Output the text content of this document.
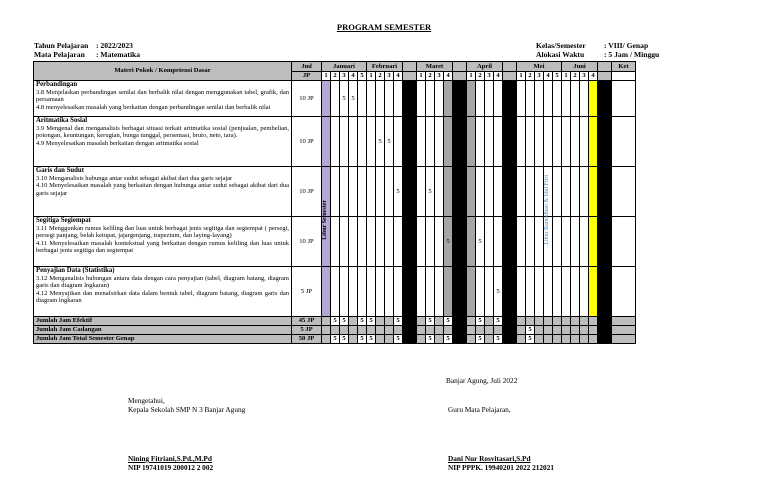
PROGRAM SEMESTER
Tahun Pelajaran : 2022/2023
Mata Pelajaran : Matematika
Kelas/Semester : VIII/ Genap
Alokasi Waktu	: 5 Jam / Minggu
Materi Pokok / Kompetensi Dasar	Jml	Januari					Februari					Maret					April					Mei					Juni					Ket
	JP	1	2	3	4	5	1	2	3	4		1	2	3	4		1	2	3	4		1	2	3	4	5	1	2	3	4		
Perbandingan
3.8 Menjelaskan perbandingan senilai dan berbalik nilai dengan menggunakan tabel, grafik, dan persamaan
4.8 menyelesaikan masalah yang berkaitan dengan perbandingan senilai dan berbalik nilai	10 JP			5	5																											
Aritmatika Sosial
3.9 Mengenal dan menganalisis berbagai situasi terkait aritmatika sosial (penjualan, pembelian, potongan, keuntungan, kerugian, bunga tunggal, persentasi, bruto, neto, tara).
4.9 Menyelesaikan masalah berkaitan dengan aritmatika sosial	10 JP							5	5																							
Garis dan Sudut
3.10 Menganalisis hubunga antar sudut sebagai akibat dari dua garis sejajar
4.10 Menyelesaikan masalah yang berkaitan dengan hubunga antar sudut sebagai akibat dari dua garis sejajar	10 JP									5			5																			
Segitiga Segiempat
3.11 Menggunkan rumus keliling dan luas untuk berbagai jenis segitiga dan segiempat ( persegi, persegi panjang, belah ketupat, jajargenjang, trapezium, dan laying-layang)
4.11 Menyelesaikan masalah kontekstual yang berkaitan dengan rumus keliling dan luas untuk berbagai jenis segitiga dan segiempat	10 JP														5			5														
Penyajian Data (Statistika)
3.12 Menganalisis hubungan antara data dengan cara penyajian (tabel, diagram batang, diagram garis dan diagram lngkaran)
4.12 Menyajikan dan menafsirkan data dalam bentuk tabel, diagram batang, diagram garis dan diagram lngkaran	5 JP																			5												
Jumlah Jam Efektif	45 JP		5	5		5	5			5			5		5			5		5												
Jumlah Jam Cadangan	5 JP																						5									
Jumlah Jam Total Semester Genap	50 JP		5	5		5	5			5			5		5			5		5			5									
Banjar Agung, Juli 2022
Mengetahui,
Kepala Sekolah SMP N 3 Banjar Agung	Guru Mata Pelajaran,
Nining Fitriani,S.Pd.,M.Pd
NIP 19741019 200012 2 002
Dani Nur Rosvitasari,S.Pd
NIP PPPK. 19940201 2022 212021
Libur Semester	UTS	Libur Ramadhan & Idul Fitri
